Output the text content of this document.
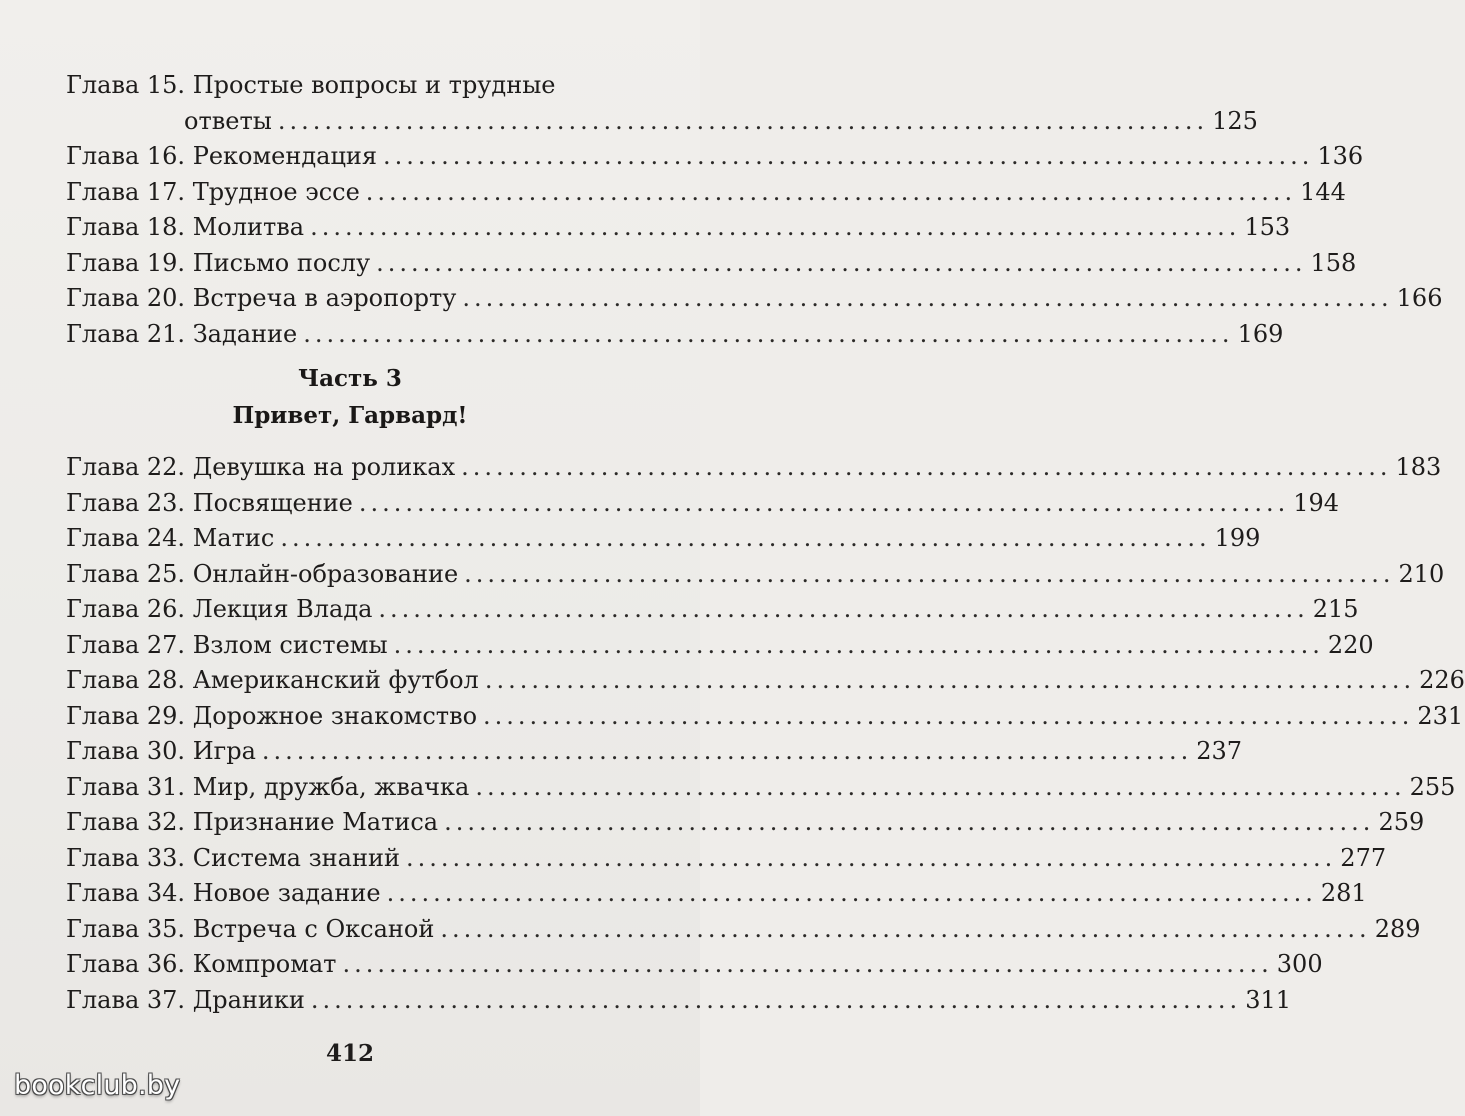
Глава 15.
Простые вопросы и трудные
ответы ................................................................................ 125
Глава 16.
Рекомендация ................................................................................ 136
Глава 17.
Трудное эссе ................................................................................ 144
Глава 18.
Молитва ................................................................................ 153
Глава 19.
Письмо послу ................................................................................ 158
Глава 20.
Встреча в аэропорту ................................................................................ 166
Глава 21.
Задание ................................................................................ 169
Часть 3
Привет, Гарвард!
Глава 22.
Девушка на роликах ................................................................................ 183
Глава 23.
Посвящение ................................................................................ 194
Глава 24.
Матис ................................................................................ 199
Глава 25.
Онлайн-образование ................................................................................ 210
Глава 26.
Лекция Влада ................................................................................ 215
Глава 27.
Взлом системы ................................................................................ 220
Глава 28.
Американский футбол ................................................................................ 226
Глава 29.
Дорожное знакомство ................................................................................ 231
Глава 30.
Игра ................................................................................ 237
Глава 31.
Мир, дружба, жвачка ................................................................................ 255
Глава 32.
Признание Матиса ................................................................................ 259
Глава 33.
Система знаний ................................................................................ 277
Глава 34.
Новое задание ................................................................................ 281
Глава 35.
Встреча с Оксаной ................................................................................ 289
Глава 36.
Компромат ................................................................................ 300
Глава 37.
Драники ................................................................................ 311
412
bookclub.by
